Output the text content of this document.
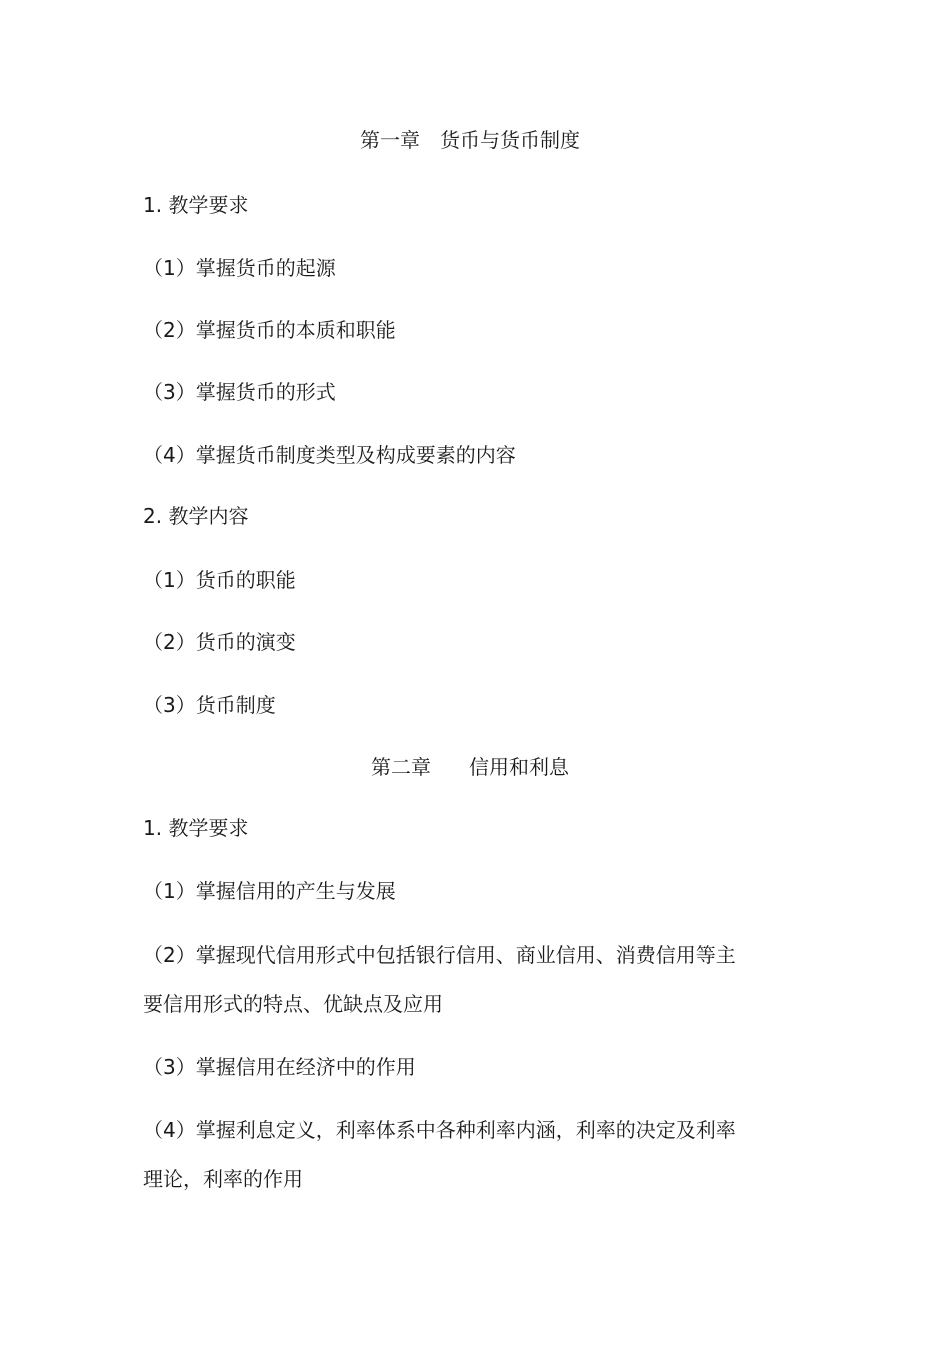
第一章 货币与货币制度
1. 教学要求
（1）掌握货币的起源
（2）掌握货币的本质和职能
（3）掌握货币的形式
（4）掌握货币制度类型及构成要素的内容
2. 教学内容
（1）货币的职能
（2）货币的演变
（3）货币制度
第二章 信用和利息
1. 教学要求
（1）掌握信用的产生与发展
（2）掌握现代信用形式中包括银行信用、商业信用、消费信用等主
要信用形式的特点、优缺点及应用
（3）掌握信用在经济中的作用
（4）掌握利息定义，利率体系中各种利率内涵，利率的决定及利率
理论，利率的作用
